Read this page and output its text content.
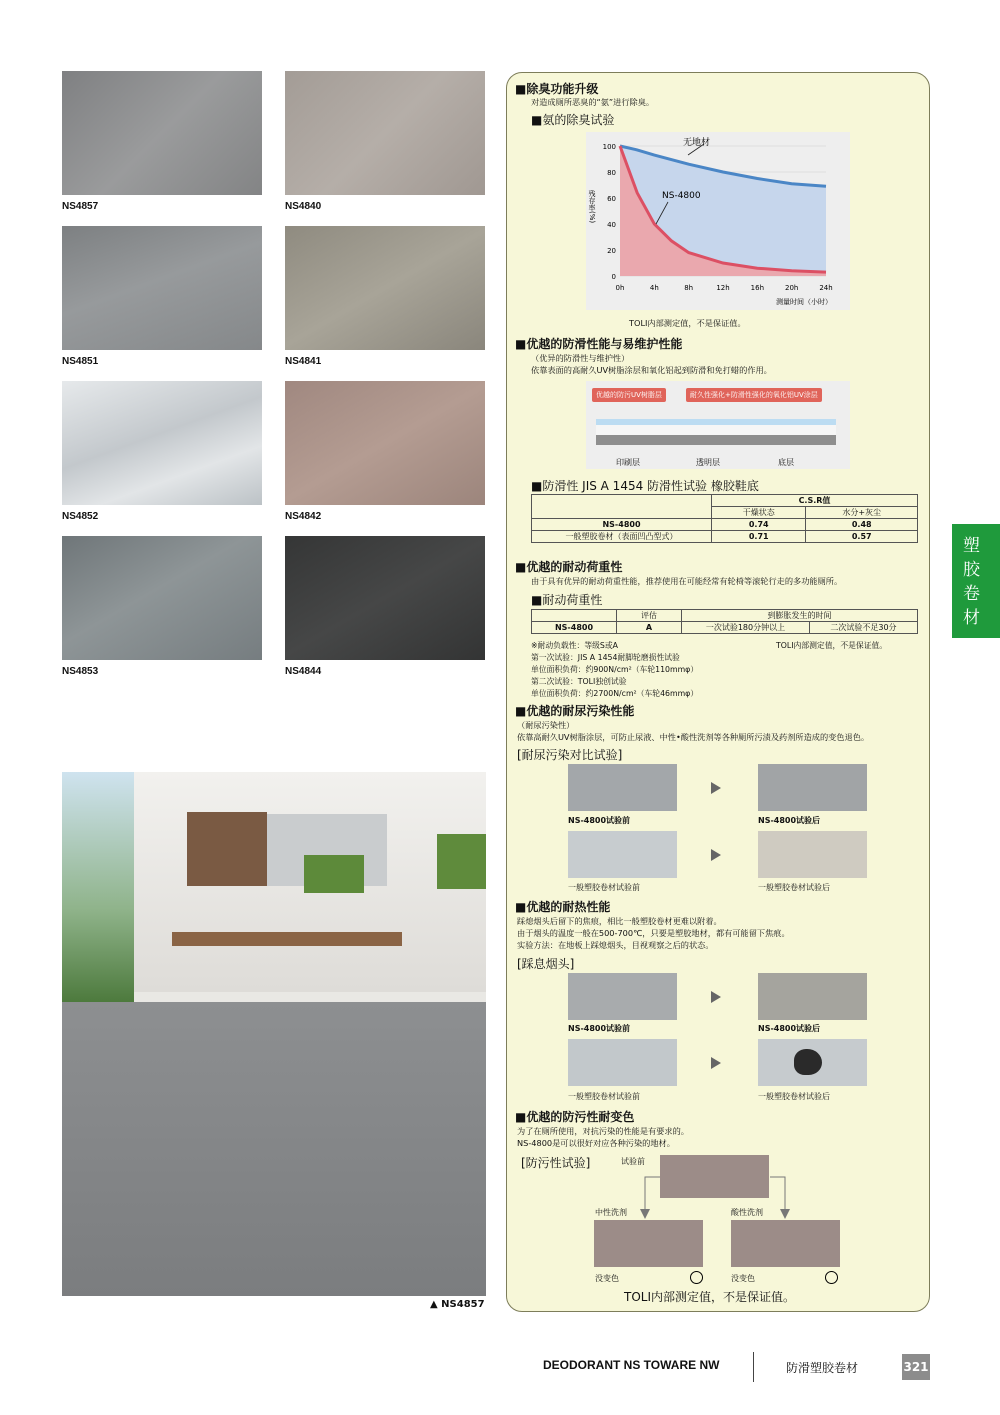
NS4857	NS4840
NS4851	NS4841
NS4852	NS4842
NS4853	NS4844
▲ NS4857
■除臭功能升级
对造成厕所恶臭的“氨”进行除臭。
■氨的除臭试验
100
80
60
40
20
0
0h	4h	8h	12h	16h	20h	24h
无地材
NS-4800
残存率(%)
测量时间（小时）
TOLI内部测定值，不是保证值。
■优越的防滑性能与易维护性能
（优异的防滑性与维护性）
依靠表面的高耐久UV树脂涂层和氧化铝起到防滑和免打蜡的作用。
优越的防污UV树脂层	耐久性强化+防滑性强化的氧化铝UV涂层
印刷层	透明层	底层
■防滑性 JIS A 1454 防滑性试验 橡胶鞋底
	C.S.R值	
	干燥状态	水分+灰尘
NS-4800	0.74	0.48
一般塑胶卷材（表面凹凸型式）	0.71	0.57
■优越的耐动荷重性
由于具有优异的耐动荷重性能，推荐使用在可能经常有轮椅等滚轮行走的多功能厕所。
■耐动荷重性
	评估	到膨胀发生的时间	
NS-4800	A	一次试验180分钟以上	二次试验不足30分
※耐动负载性：等级S或A
第一次试验：JIS A 1454耐脚轮磨损性试验
单位面积负荷：约900N/cm²（车轮110mmφ）
第二次试验：TOLI独创试验
单位面积负荷：约2700N/cm²（车轮46mmφ）
TOLI内部测定值，不是保证值。
■优越的耐尿污染性能
（耐尿污染性）
依靠高耐久UV树脂涂层，可防止尿液、中性•酸性洗剂等各种厕所污渍及药剂所造成的变色退色。
[耐尿污染对比试验]
NS-4800试验前	NS-4800试验后
一般塑胶卷材试验前	一般塑胶卷材试验后
■优越的耐热性能
踩熄烟头后留下的焦痕，相比一般塑胶卷材更难以附着。
由于烟头的温度一般在500-700℃，只要是塑胶地材，都有可能留下焦痕。
实验方法：在地板上踩熄烟头，目视观察之后的状态。
[踩息烟头]
NS-4800试验前	NS-4800试验后
一般塑胶卷材试验前	一般塑胶卷材试验后
■优越的防污性耐变色
为了在厕所使用，对抗污染的性能是有要求的。
NS-4800是可以很好对应各种污染的地材。
[防污性试验]	试验前
中性洗剂	酸性洗剂
没变色	没变色
TOLI内部测定值，不是保证值。
塑胶卷材
DEODORANT NS TOWARE NW	防滑塑胶卷材	321
